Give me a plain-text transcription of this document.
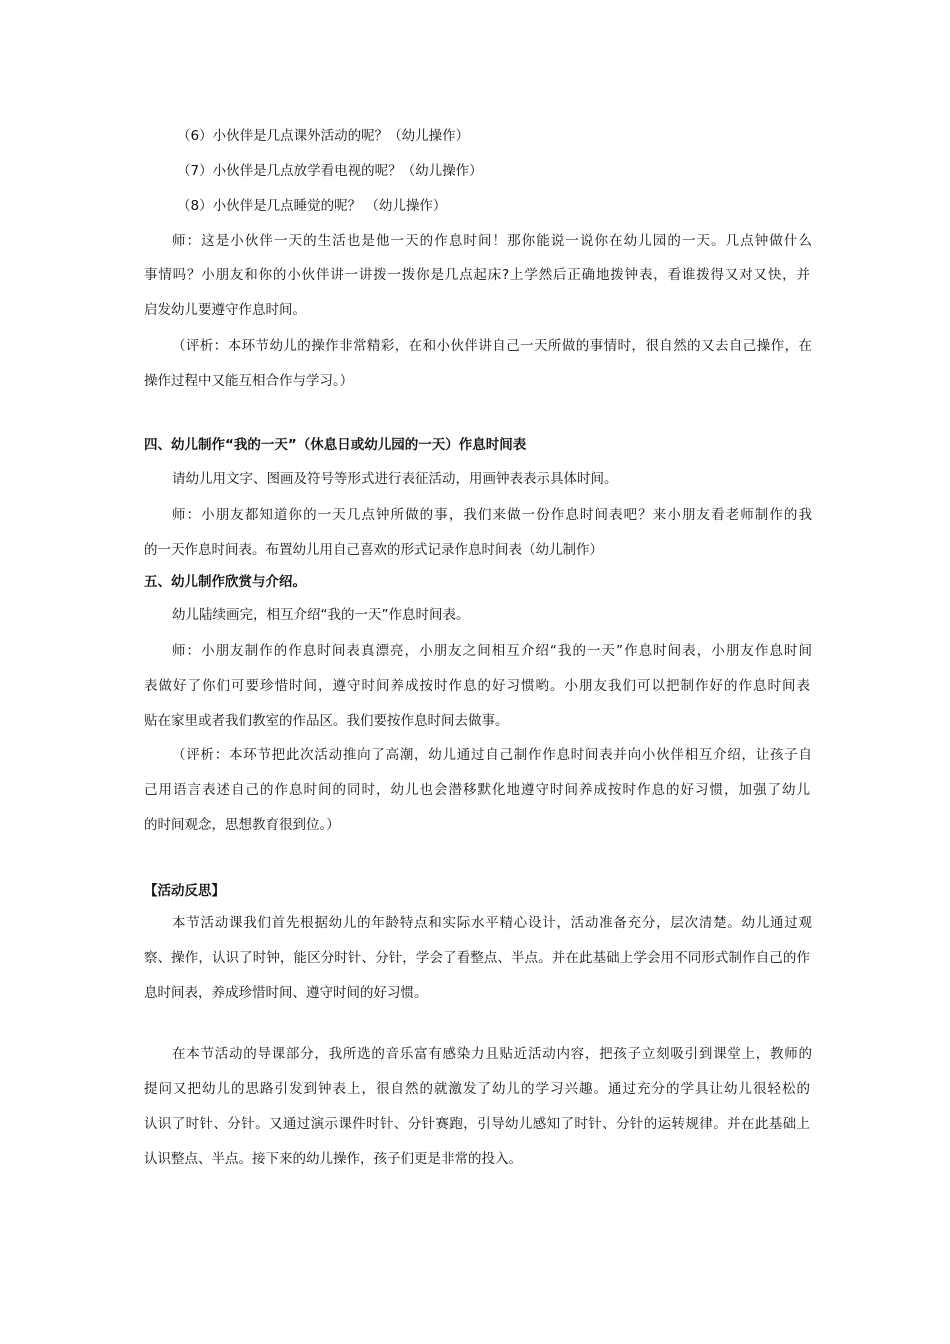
（6）小伙伴是几点课外活动的呢？（幼儿操作）
（7）小伙伴是几点放学看电视的呢？（幼儿操作）
（8）小伙伴是几点睡觉的呢？ （幼儿操作）
师：这是小伙伴一天的生活也是他一天的作息时间！那你能说一说你在幼儿园的一天。几点钟做什么
事情吗？小朋友和你的小伙伴讲一讲拨一拨你是几点起床?上学然后正确地拨钟表，看谁拨得又对又快，并
启发幼儿要遵守作息时间。
（评析：本环节幼儿的操作非常精彩，在和小伙伴讲自己一天所做的事情时，很自然的又去自己操作，在
操作过程中又能互相合作与学习。）
四、幼儿制作“我的一天”（休息日或幼儿园的一天）作息时间表
请幼儿用文字、图画及符号等形式进行表征活动，用画钟表表示具体时间。
师：小朋友都知道你的一天几点钟所做的事，我们来做一份作息时间表吧？来小朋友看老师制作的我
的一天作息时间表。布置幼儿用自己喜欢的形式记录作息时间表（幼儿制作）
五、幼儿制作欣赏与介绍。
幼儿陆续画完，相互介绍“我的一天”作息时间表。
师：小朋友制作的作息时间表真漂亮，小朋友之间相互介绍“我的一天”作息时间表，小朋友作息时间
表做好了你们可要珍惜时间，遵守时间养成按时作息的好习惯哟。小朋友我们可以把制作好的作息时间表
贴在家里或者我们教室的作品区。我们要按作息时间去做事。
（评析：本环节把此次活动推向了高潮，幼儿通过自己制作作息时间表并向小伙伴相互介绍，让孩子自
己用语言表述自己的作息时间的同时，幼儿也会潜移默化地遵守时间养成按时作息的好习惯，加强了幼儿
的时间观念，思想教育很到位。）
【活动反思】
本节活动课我们首先根据幼儿的年龄特点和实际水平精心设计，活动准备充分，层次清楚。幼儿通过观
察、操作，认识了时钟，能区分时针、分针，学会了看整点、半点。并在此基础上学会用不同形式制作自己的作
息时间表，养成珍惜时间、遵守时间的好习惯。
在本节活动的导课部分，我所选的音乐富有感染力且贴近活动内容，把孩子立刻吸引到课堂上，教师的
提问又把幼儿的思路引发到钟表上，很自然的就激发了幼儿的学习兴趣。通过充分的学具让幼儿很轻松的
认识了时针、分针。又通过演示课件时针、分针赛跑，引导幼儿感知了时针、分针的运转规律。并在此基础上
认识整点、半点。接下来的幼儿操作，孩子们更是非常的投入。
